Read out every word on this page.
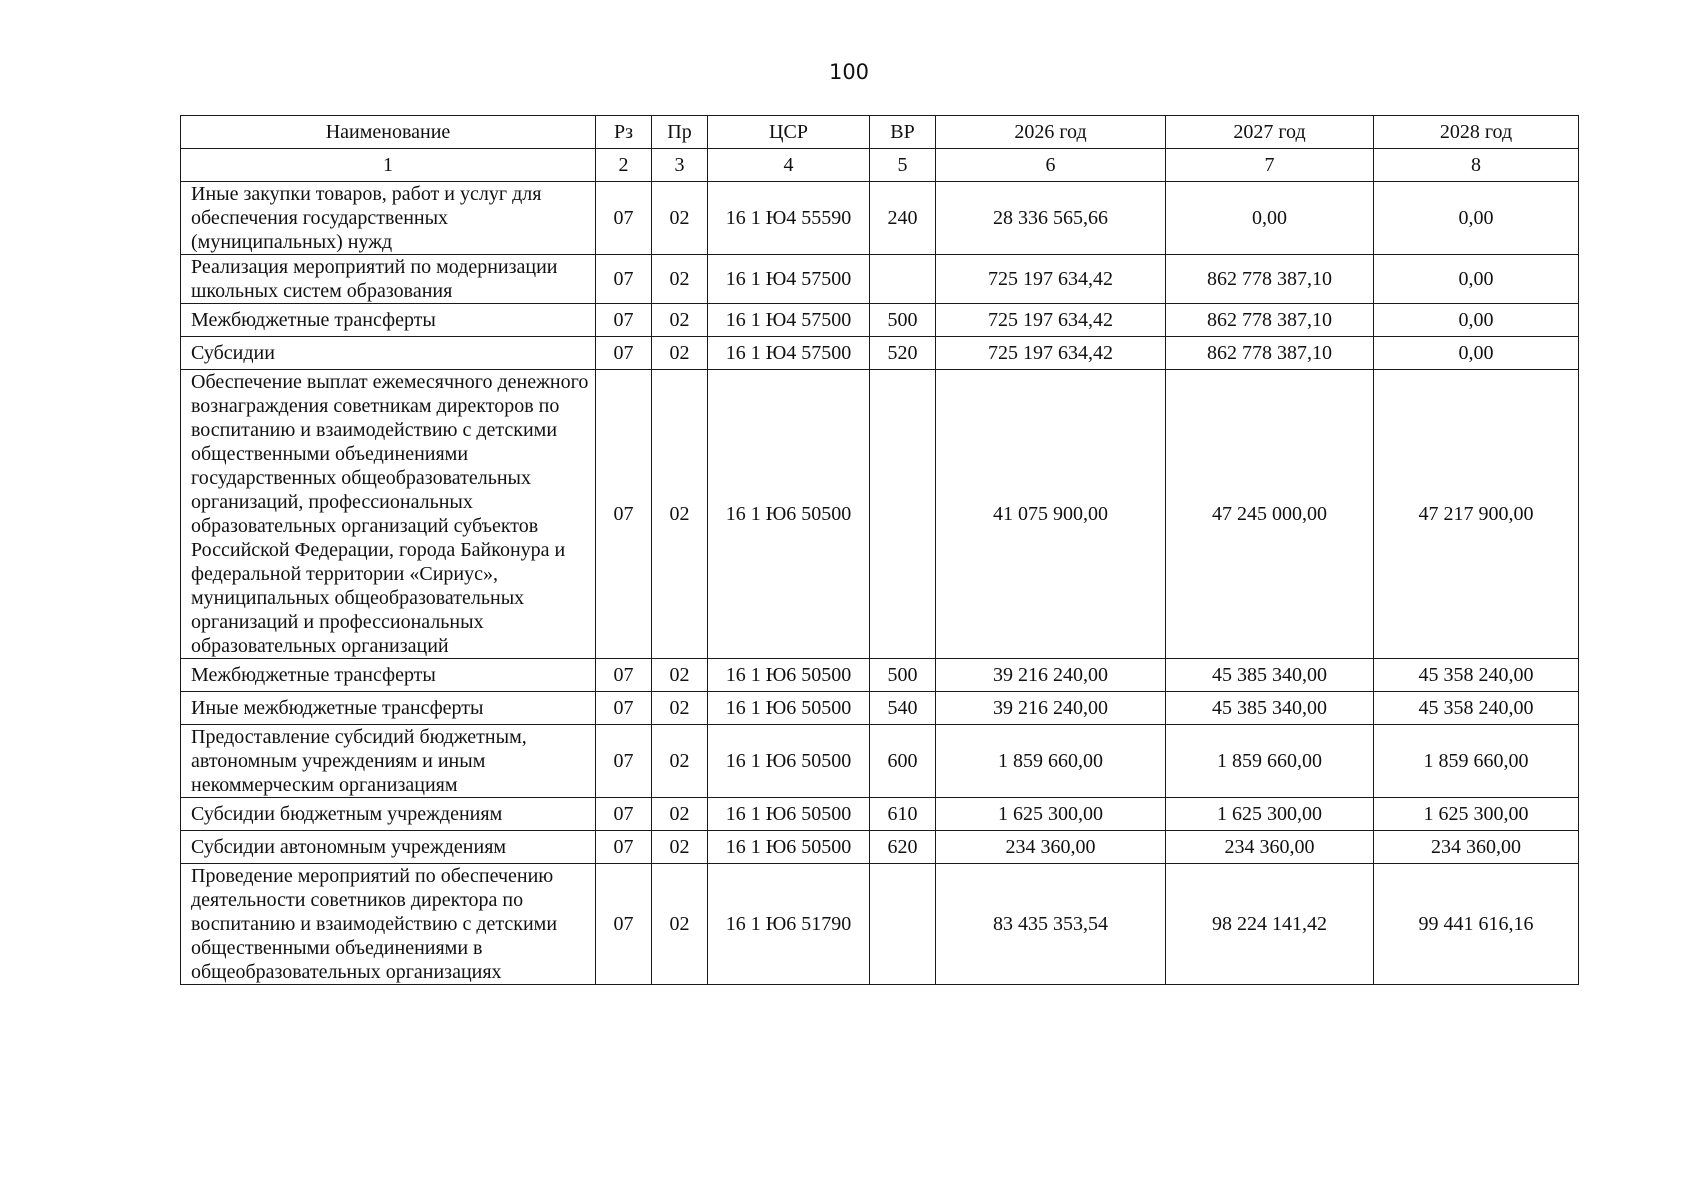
100
Наименование	Рз	Пр	ЦСР	ВР	2026 год	2027 год	2028 год
1	2	3	4	5	6	7	8
Иные закупки товаров, работ и услуг для обеспечения государственных (муниципальных) нужд	07	02	16 1 Ю4 55590	240	28 336 565,66	0,00	0,00
Реализация мероприятий по модернизации школьных систем образования	07	02	16 1 Ю4 57500		725 197 634,42	862 778 387,10	0,00
Межбюджетные трансферты	07	02	16 1 Ю4 57500	500	725 197 634,42	862 778 387,10	0,00
Субсидии	07	02	16 1 Ю4 57500	520	725 197 634,42	862 778 387,10	0,00
Обеспечение выплат ежемесячного денежного вознаграждения советникам директоров по воспитанию и взаимодействию с детскими общественными объединениями государственных общеобразовательных организаций, профессиональных образовательных организаций субъектов Российской Федерации, города Байконура и федеральной территории «Сириус», муниципальных общеобразовательных организаций и профессиональных образовательных организаций	07	02	16 1 Ю6 50500		41 075 900,00	47 245 000,00	47 217 900,00
Межбюджетные трансферты	07	02	16 1 Ю6 50500	500	39 216 240,00	45 385 340,00	45 358 240,00
Иные межбюджетные трансферты	07	02	16 1 Ю6 50500	540	39 216 240,00	45 385 340,00	45 358 240,00
Предоставление субсидий бюджетным, автономным учреждениям и иным некоммерческим организациям	07	02	16 1 Ю6 50500	600	1 859 660,00	1 859 660,00	1 859 660,00
Субсидии бюджетным учреждениям	07	02	16 1 Ю6 50500	610	1 625 300,00	1 625 300,00	1 625 300,00
Субсидии автономным учреждениям	07	02	16 1 Ю6 50500	620	234 360,00	234 360,00	234 360,00
Проведение мероприятий по обеспечению деятельности советников директора по воспитанию и взаимодействию с детскими общественными объединениями в общеобразовательных организациях	07	02	16 1 Ю6 51790		83 435 353,54	98 224 141,42	99 441 616,16
